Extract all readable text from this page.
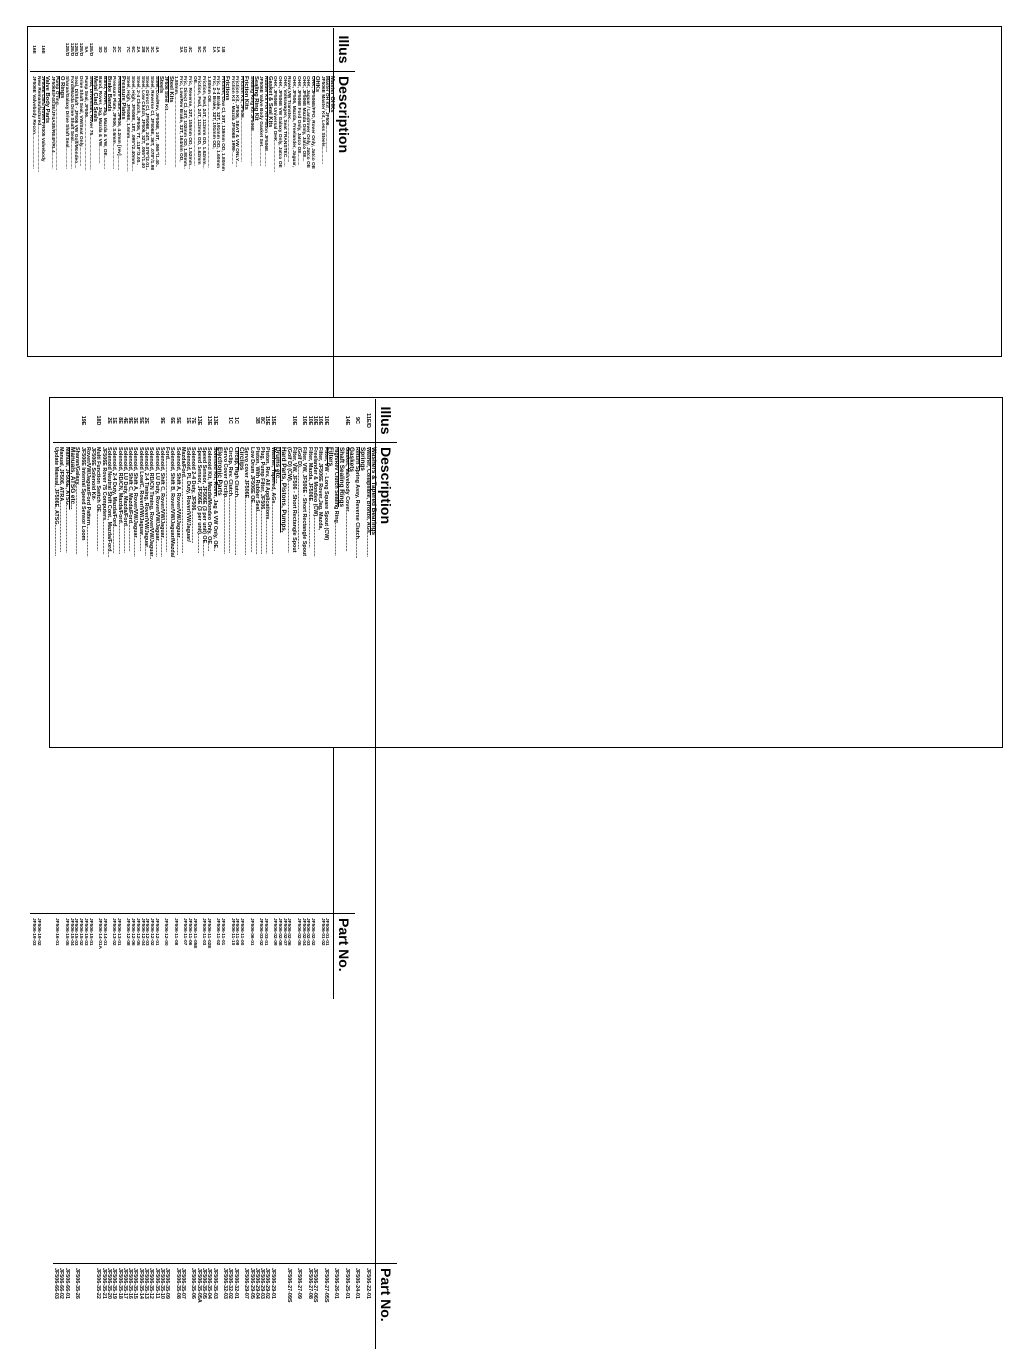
Illus
Description
Part No.
Master OHKs
Master OH Kit , JF506....................
JF506-01-01
JF506E Master Kit, Less Steels.............
JF506-01-02
OHKs
OHK, JF506E/FPO, Rover Only, Jatco OE
JF506-02-02
OHK, Jaguar / Landrover Only, Jatco OE
JF506-02-03
OHK, JF506E Mazda Only, Jatco OE...
JF506-02-04
OHK, JF506E Ford Only, Jatco OE.........
JF506-02-05
OHK, JF506, Mazda, Freelander, Jaguar,
Rover,VW Transtec................................
JF506-02-06
OHK, Volkswagen, Seat TRANSTEC.......
JF506-02-07
OHK, JF506E VW Galaxy Only, Jatco OE
JF506-02-08
OHK, JF506E Universal OHK.......................
JF506-02-09
Gasket & Seal Kits
Rubber Kit For All Piston JF506E...........
JF506-03-01
JF506E Valve Body Gasket Set...............
JF506-03-02
Sealing Ring Kit
Sealing Ring Kit JF506E..........................
JF506-06-01
Friction Kits
Friction Kit, JF506.................................
JF506-11-00
Friction Kit, JF506, SEAT & VW ONLY.....
JF506-11-09
Friction Kit - Mazda JF506E 1998-.........
JF506-11-10
Frictions
1B
Friction, Low Cl, 30T, 138mm OD, 1.80mm
JF506-11-01
1A
Fric, 2-4 Brake, 32T, 191mm OD, 1.60mm
JF506-11-02
1A
Fric, 2-4 Brake, 32T, 191mm OD,
1.80mm OE.................................................
JF506-11-02E
5C
Friction, Fwd, 24T, 112mm OD, 1.62mm...
JF506-11-03
5C
Friction, Fwd, 24T, 112mm OD, 1.62mm
OE..............................................................
JF506-11-05E
4C
Fric, Reverse, 32T, 155mm OD, 1.52mm...
JF506-11-06
1D
Fric, Direct Cl, 24T, 102mm OD, 1.80mm..
JF506-11-07
3A
Fric, Low/Rev Brake, 32T, 164mm OD,
1.80mm.......................................................
JF506-11-08
Steel Kits
JF506 Steel Kit.........................................
JF506-12-00
Steels
4A
Steel, Low/Rev, JF506E, 10T, .065"/1.40..
JF506-12-01
3C
Steel, Reverse Cl, JF506E, 36T, .078"/1.98
JF506-12-02
3C
Steel, Direct Cl, JF506E, 24T, 0.079"/2.01..
JF506-12-03
2B
Steel, Low Clutch, JF506, 32T, .055"/1.40
JF506-12-04
2A
Steel, 2-4 Clutch, JF506, 7T, .118"/3.00..
JF506-12-05
6C
Steel, High, JF506E, 18T, .095"/2.40mm.....
JF506-12-06
7C
Steel, High, JF506E, 1.6mm.........................
JF506-12-08
Pressure Plates
2C
Pressure Plate, JF506, 4.2mm [rev]...........
JF506-13-01
2C
Pressure Plate, JF506, 3.6mm...................
JF506-13-02
Brake Bands
3D
Band, Rover, Jag, Mazda & VW, OE..........
JF506-14-01
3D
Band, Rover, Jag, Mazda & VW.............
JF506-14-01A
Metal Clad Seals
12E/D
Seal, Driveshaft, Rover 75..........................
JF506-15-01
5A
Pump Seal, JF506........................................
JF506-15-03
12E/D
Drive Shaft Seal, VW/Seat Only...............
JF506-15-02
12E/D
Seal, D/Shaft - JF506 VW Golf/Mondeo....
JF506-15-03
12E/D
Ford/Mazda Drive Shaft Seal.....................
JF506-15-04
12E/D
Sharan/Galaxy Drive Shaft Seal................
JF506-15-05
O Rings
Pump O'ring.................................................
JF506-16-01
JF506E/F4G3E/JF4A3E/RE4F/RL4............
Valve Body Parts
16E
JF506E Land Rover FR005 Valvebody
New Remanufactured...................................
JF506-19-02
16E
JF506E Valvebody Recon..........................
JF506-19-03
Illus
Description
Part No.
Washers & Tapered Bearings
11E/D
Washer, Collapsible, Bronze, AGs................
JF506-22-01
Springs
9C
Return Spring Assy, Reverse Clutch.............
JF506-24-01
Gaskets
14E
Gasket, Valvebody Cover...........................
JF506-25-01
Shaft Sealing Rings
High/Rev Clutch Sealing Ring......................
JF506-26-01
Filters
10E
Filter, VW - Long Square Spout (CW)
JF506-27-05S
10E
Filter, JF506E Rover,Jag, Mazda,
10E
Freelander & Mondeo (CW)...........................
JF506-27-06S
10E
Filter, Mazda, JF506E...............................
JF506-27-08
10E
Filter, VW, JF506E - Short Rectangle Spout
(Golf D).......................................................
JF506-27-09
10E
Filter, VW, JF506 - Short Rectangle Spout
(Golf D) (CW)................................................
JF506-27-09S
Hard Parts, Pistons, Pumps,
Drums etc...
15E
Washer, Tapered, AGs..................................
JF506-29-01
15E
Piston, Rev, All Applications.......................
JF506-29-02
8C
Plug, Pump Filter, JF506..............................
JF506-29-03
3B
Piston, With Rubber Seal.............................
JF506-29-04
Low Drum JF506E OE.................................
JF506-29-05
Servo cover JF506E......................................
JF506-29-07
Circlips
1C
Circlip, High Clutch.......................................
JF506-32-01
1C
Circlip, Rev. Clutch......................................
JF506-32-02
Servo Cover Circlip......................................
JF506-32-03
Electronic Parts
13E
Solenoid Kit, Rover, Jag & VW Only, OE..
JF506-35-03
13E
Solenoid Kit, Mazda/Mondeo Only, OE.....
JF506-35-04
Speed Sensor, JF506E (3 per unit) OE.........
JF506-35-05
13E
Speed Sensor, JF506E (3 per unit).............
JF506-35-05A
7E
Solenoid 2-4 Duty, JF506......................
JF506-35-06
1E
Solenoid, PL Duty, Rover/VW/Jaguar/
Mazda/Ford...................................................
JF506-35-07
5E
Solenoid, Shift A, Rover/VW/Jaguar............
JF506-35-08
6E
Solenoid, Shift B, Rover/VW/Jaguar/Mazda/
Ford..............................................................
JF506-35-09
9E
Solenoid, Shift C, Rover/VW/Jaguar.............
JF506-35-10
Solenoid, LU Duty, Rover/VW/Jaguar...........
JF506-35-11
Solenoid, RD/CN Timing, Rover/VW/Jaguar..
JF506-35-12
2E
Solenoid, 2-4 Timing, Rover/VW/Jaguar......
JF506-35-13
5E
Solenoid Low/C, Rover/VW/Jaguar...........
JF506-35-14
3E
Solenoid, Shift A, Rover/VW/Jaguar.............
JF506-35-15
9E
Solenoid, Shift C, Mazda/Ford...................
JF506-35-16
4E
Solenoid, LU Duty, Mazda/Ford..................
JF506-35-17
8E
Solenoid, RD/CN, Mazda/Ford.....................
JF506-35-18
1E
Solenoid, 2-4 Duty, Mazda/Ford..................
JF506-35-19
2E
Solenoid Neutral Shift Cont., Mazda/Ford....
JF506-35-20
JF506E Rover 75 Computers.......................
JF506-35-21
18D
Multi Function Switch OE..........................
JF506-35-22
JF506E Solenoid Kit-
Rover/VW/Jaguar/Ford Pattern.....................
19E
JF506E Internal Speed Sensor Loom
Sharan/Galaxy...............................................
JF506-35-26
Manuals, ATSG etc...
Manual, JF506E, ATSG................................
JF506-66-01
Manual, JF506, ATRA..................................
JF506-66-02
Update Manual, JF506E, ATSG.....................
JF506-66-03
